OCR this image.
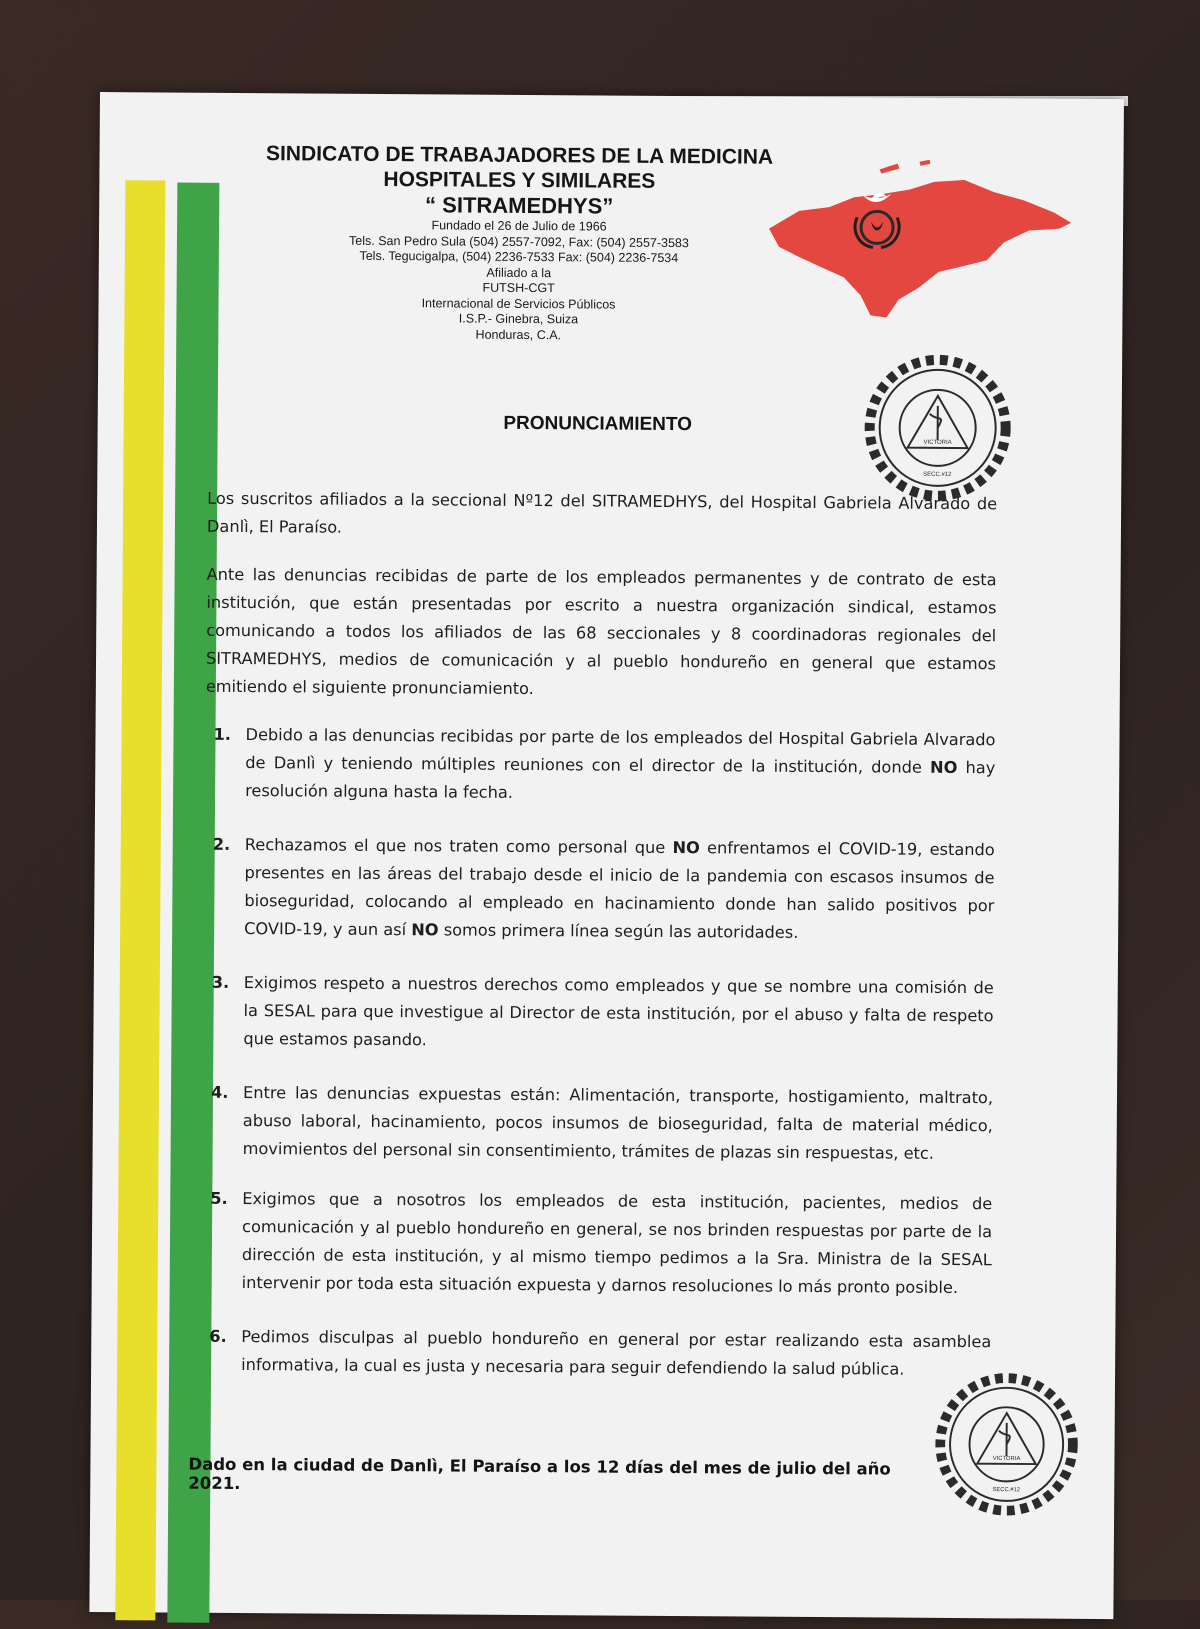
SINDICATO DE TRABAJADORES DE LA MEDICINA
HOSPITALES Y SIMILARES
“ SITRAMEDHYS”
Fundado el 26 de Julio de 1966
Tels. San Pedro Sula (504) 2557-7092, Fax: (504) 2557-3583
Tels. Tegucigalpa, (504) 2236-7533 Fax: (504) 2236-7534
Afiliado a la
FUTSH-CGT
Internacional de Servicios Públicos
I.S.P.- Ginebra, Suiza
Honduras, C.A.
VICTORIA
SECC.#12
PRONUNCIAMIENTO
Los suscritos afiliados a la seccional Nº12 del SITRAMEDHYS, del Hospital Gabriela Alvarado de Danlì, El Paraíso.
Ante las denuncias recibidas de parte de los empleados permanentes y de contrato de esta institución, que están presentadas por escrito a nuestra organización sindical, estamos comunicando a todos los afiliados de las 68 seccionales y 8 coordinadoras regionales del SITRAMEDHYS, medios de comunicación y al pueblo hondureño en general que estamos emitiendo el siguiente pronunciamiento.
1. Debido a las denuncias recibidas por parte de los empleados del Hospital Gabriela Alvarado de Danlì y teniendo múltiples reuniones con el director de la institución, donde NO hay resolución alguna hasta la fecha.
2. Rechazamos el que nos traten como personal que NO enfrentamos el COVID-19, estando presentes en las áreas del trabajo desde el inicio de la pandemia con escasos insumos de bioseguridad, colocando al empleado en hacinamiento donde han salido positivos por COVID-19, y aun así NO somos primera línea según las autoridades.
3. Exigimos respeto a nuestros derechos como empleados y que se nombre una comisión de la SESAL para que investigue al Director de esta institución, por el abuso y falta de respeto que estamos pasando.
4. Entre las denuncias expuestas están: Alimentación, transporte, hostigamiento, maltrato, abuso laboral, hacinamiento, pocos insumos de bioseguridad, falta de material médico, movimientos del personal sin consentimiento, trámites de plazas sin respuestas, etc.
5. Exigimos que a nosotros los empleados de esta institución, pacientes, medios de comunicación y al pueblo hondureño en general, se nos brinden respuestas por parte de la dirección de esta institución, y al mismo tiempo pedimos a la Sra. Ministra de la SESAL intervenir por toda esta situación expuesta y darnos resoluciones lo más pronto posible.
6. Pedimos disculpas al pueblo hondureño en general por estar realizando esta asamblea informativa, la cual es justa y necesaria para seguir defendiendo la salud pública.
Dado en la ciudad de Danlì, El Paraíso a los 12 días del mes de julio del año 2021.
VICTORIA
SECC.#12
